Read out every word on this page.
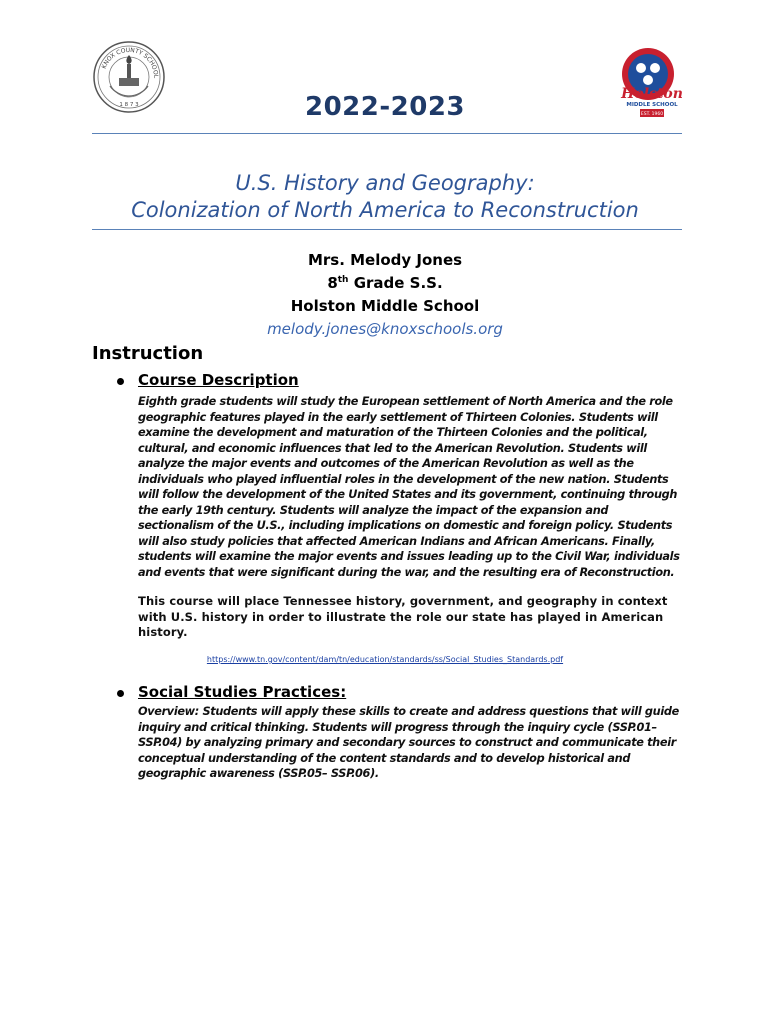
KNOX COUNTY SCHOOL
1 8 7 3
Holston
MIDDLE SCHOOL
EST. 1960
2022-2023
U.S. History and Geography:
Colonization of North America to Reconstruction
Mrs. Melody Jones
8th Grade S.S.
Holston Middle School
melody.jones@knoxschools.org
Instruction
Course Description
Eighth grade students will study the European settlement of North America and the role geographic features played in the early settlement of Thirteen Colonies. Students will examine the development and maturation of the Thirteen Colonies and the political, cultural, and economic influences that led to the American Revolution. Students will analyze the major events and outcomes of the American Revolution as well as the individuals who played influential roles in the development of the new nation. Students will follow the development of the United States and its government, continuing through the early 19th century. Students will analyze the impact of the expansion and sectionalism of the U.S., including implications on domestic and foreign policy. Students will also study policies that affected American Indians and African Americans. Finally, students will examine the major events and issues leading up to the Civil War, individuals and events that were significant during the war, and the resulting era of Reconstruction.
This course will place Tennessee history, government, and geography in context with U.S. history in order to illustrate the role our state has played in American history.
https://www.tn.gov/content/dam/tn/education/standards/ss/Social_Studies_Standards.pdf
Social Studies Practices:
Overview: Students will apply these skills to create and address questions that will guide inquiry and critical thinking. Students will progress through the inquiry cycle (SSP.01–SSP.04) by analyzing primary and secondary sources to construct and communicate their conceptual understanding of the content standards and to develop historical and geographic awareness (SSP.05– SSP.06).
